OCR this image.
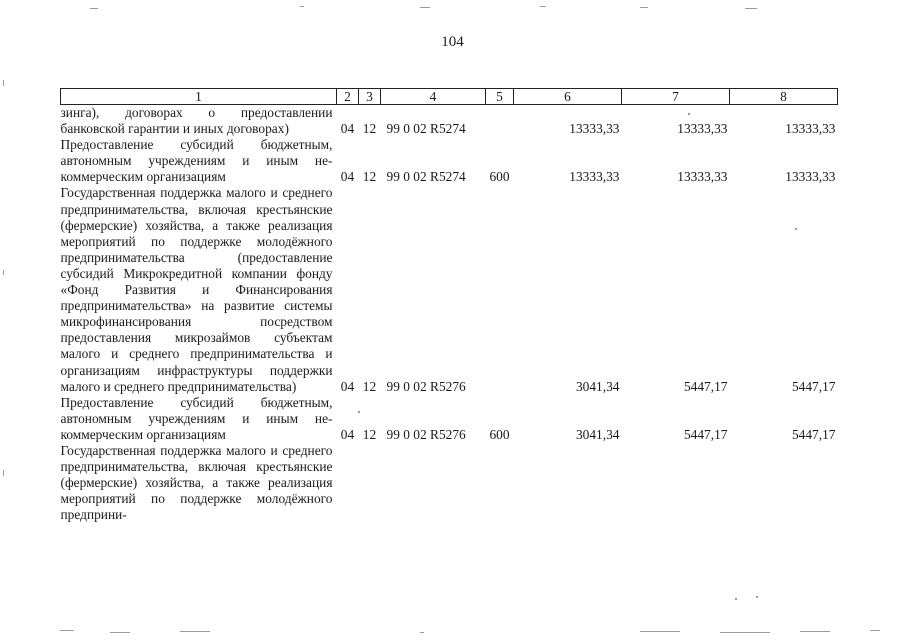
104
1	2	3	4	5	6	7	8
зинга), договорах о предоставлении банковской гарантии и иных договорах)	04	12	99 0 02 R5274		13333,33	13333,33	13333,33
Предоставление субсидий бюджетным, автономным учреждениям и иным не-коммерческим организациям	04	12	99 0 02 R5274	600	13333,33	13333,33	13333,33
Государственная поддержка малого и среднего предпринимательства, включая крестьянские (фермерские) хозяйства, а также реализация мероприятий по поддержке молодёжного предпринимательства (предоставление субсидий Микрокредитной компании фонду «Фонд Развития и Финансирования предпринимательства» на развитие системы микрофинансирования посредством предоставления микрозаймов субъектам малого и среднего предпринимательства и организациям инфраструктуры поддержки малого и среднего предпринимательства)	04	12	99 0 02 R5276		3041,34	5447,17	5447,17
Предоставление субсидий бюджетным, автономным учреждениям и иным не-коммерческим организациям	04	12	99 0 02 R5276	600	3041,34	5447,17	5447,17
Государственная поддержка малого и среднего предпринимательства, включая крестьянские (фермерские) хозяйства, а также реализация мероприятий по поддержке молодёжного предприни-							
